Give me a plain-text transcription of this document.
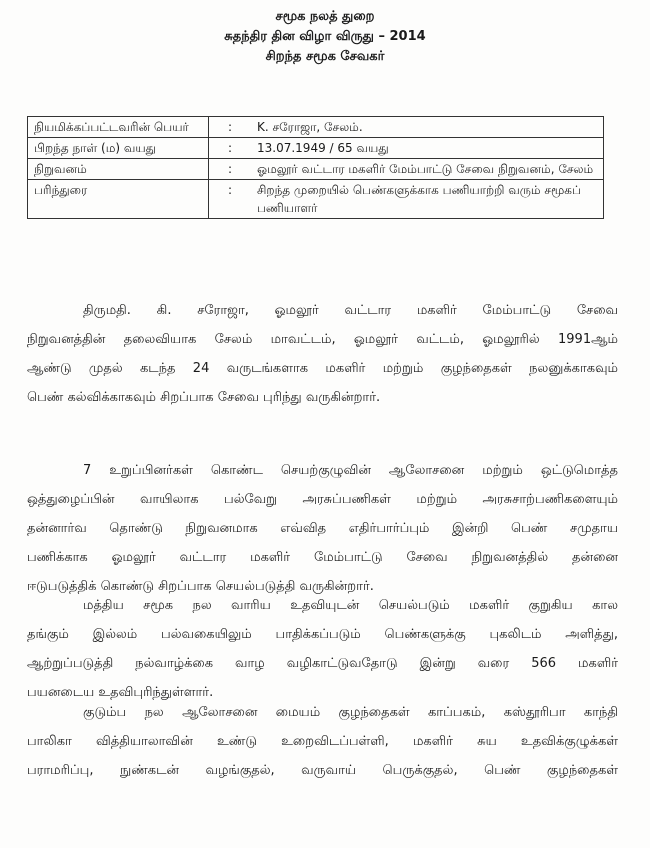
சமூக நலத் துறை
சுதந்திர தின விழா விருது – 2014
சிறந்த சமூக சேவகர்
நியமிக்கப்பட்டவரின் பெயர்	:	K. சரோஜா, சேலம்.
பிறந்த நாள் (ம) வயது	:	13.07.1949 / 65 வயது
நிறுவனம்	:	ஓமலூர் வட்டார மகளிர் மேம்பாட்டு சேவை நிறுவனம், சேலம்
பரிந்துரை	:	சிறந்த முறையில் பெண்களுக்காக பணியாற்றி வரும் சமூகப் பணியாளர்
திருமதி. கி. சரோஜா, ஓமலூர் வட்டார மகளிர் மேம்பாட்டு சேவை
நிறுவனத்தின் தலைவியாக சேலம் மாவட்டம், ஓமலூர் வட்டம், ஓமலூரில் 1991ஆம்
ஆண்டு முதல் கடந்த 24 வருடங்களாக மகளிர் மற்றும் குழந்தைகள் நலனுக்காகவும்
பெண் கல்விக்காகவும் சிறப்பாக சேவை புரிந்து வருகின்றார்.
7 உறுப்பினர்கள் கொண்ட செயற்குழுவின் ஆலோசனை மற்றும் ஒட்டுமொத்த
ஒத்துழைப்பின் வாயிலாக பல்வேறு அரசுப்பணிகள் மற்றும் அரசுசாற்பணிகளையும்
தன்னார்வ தொண்டு நிறுவனமாக எவ்வித எதிர்பார்ப்பும் இன்றி பெண் சமுதாய
பணிக்காக ஓமலூர் வட்டார மகளிர் மேம்பாட்டு சேவை நிறுவனத்தில் தன்னை
ஈடுபடுத்திக் கொண்டு சிறப்பாக செயல்படுத்தி வருகின்றார்.
மத்திய சமூக நல வாரிய உதவியுடன் செயல்படும் மகளிர் குறுகிய கால
தங்கும் இல்லம் பல்வகையிலும் பாதிக்கப்படும் பெண்களுக்கு புகலிடம் அளித்து,
ஆற்றுப்படுத்தி நல்வாழ்க்கை வாழ வழிகாட்டுவதோடு இன்று வரை 566 மகளிர்
பயனடைய உதவிபுரிந்துள்ளார்.
குடும்ப நல ஆலோசனை மையம் குழந்தைகள் காப்பகம், கஸ்தூரிபா காந்தி
பாலிகா வித்தியாலாவின் உண்டு உறைவிடப்பள்ளி, மகளிர் சுய உதவிக்குழுக்கள்
பராமரிப்பு, நுண்கடன் வழங்குதல், வருவாய் பெருக்குதல், பெண் குழந்தைகள்
